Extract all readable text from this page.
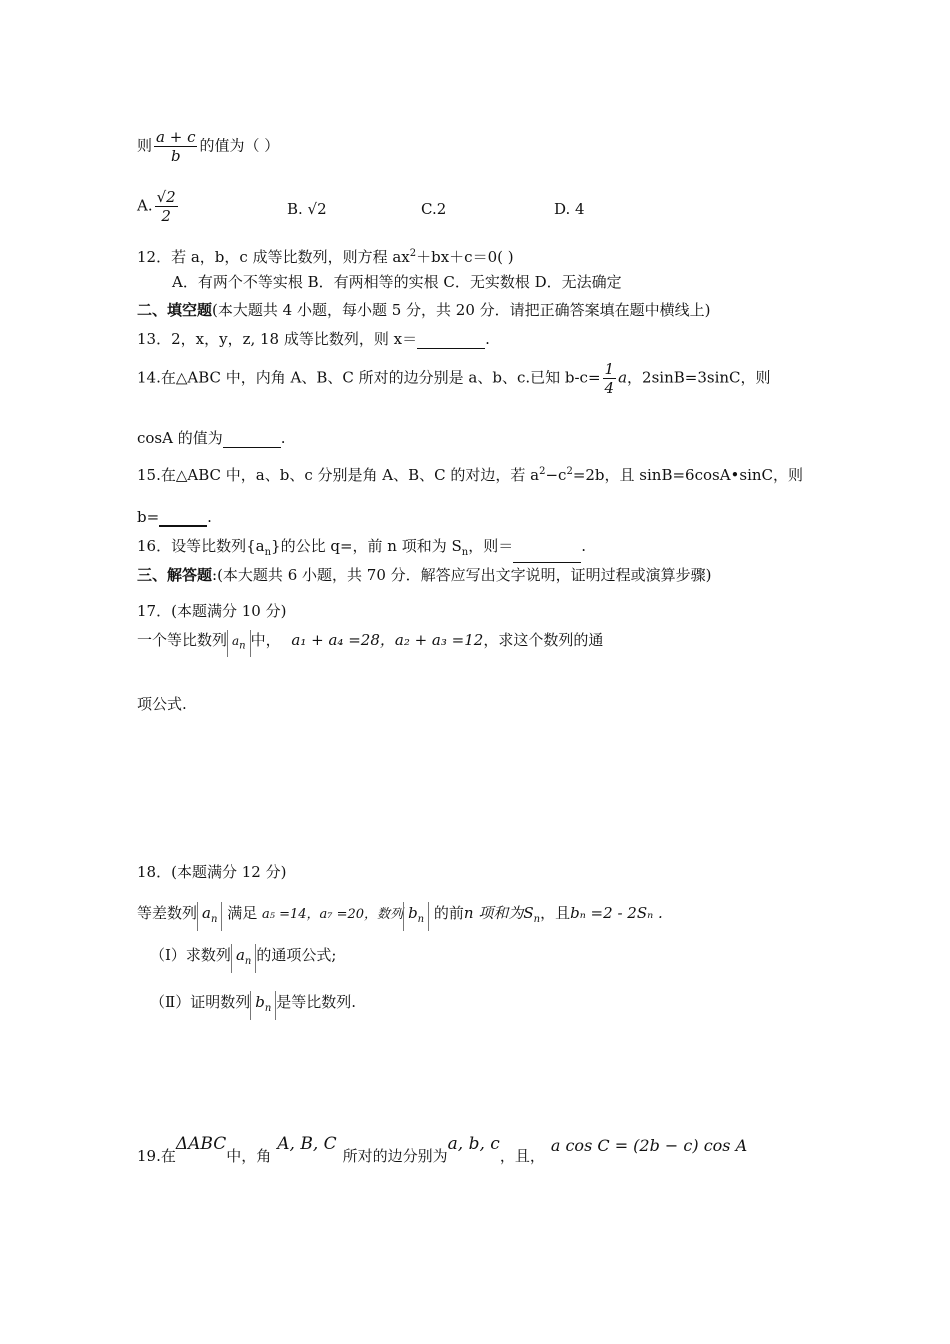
则 $\frac{a + c}{b}$ 的值为（ ）
A. $\frac{√2}{2}$	B. √2	C.2	D. 4
12．若 a，b，c 成等比数列，则方程 $ax^2+bx+c=0$( )
A．有两个不等实根 B．有两相等的实根 C．无实数根 D．无法确定
二、填空题(本大题共 4 小题，每小题 5 分，共 20 分．请把正确答案填在题中横线上)
13．2，x，y，z, 18 成等比数列，则 x＝	.
14.在△ABC 中，内角 A、B、C 所对的边分别是 a、b、c.已知 $b-c= \frac{1}{4}$ a，2sinB=3sinC，则
cosA 的值为	.
15.在△ABC 中，a、b、c 分别是角 A、B、C 的对边，若 $a^2-c^2=2b$，且 sinB=6cosA•sinC，则
b=	.
16．设等比数列$\{a_n\}$的公比 q=，前 n 项和为 $S_n$，则＝	.
三、解答题:(本大题共 6 小题，共 70 分．解答应写出文字说明，证明过程或演算步骤)
17．(本题满分 10 分)
一个等比数列 $a_n$ 中， a₁ + a₄ =28，a₂ + a₃ =12，求这个数列的通
项公式.
18．(本题满分 12 分)
等差数列 $a_n$ 满足 a₅ =14，a₇ =20，数列 $b_n$ 的前n 项和为$S_n$，且bₙ =2 - 2Sₙ .
（Ⅰ）求数列 $a_n$ 的通项公式;
（Ⅱ）证明数列 $b_n$ 是等比数列.
19.在ΔABC中，角A, B, C所对的边分别为a, b, c，且，a cos C = (2b − c) cos A
